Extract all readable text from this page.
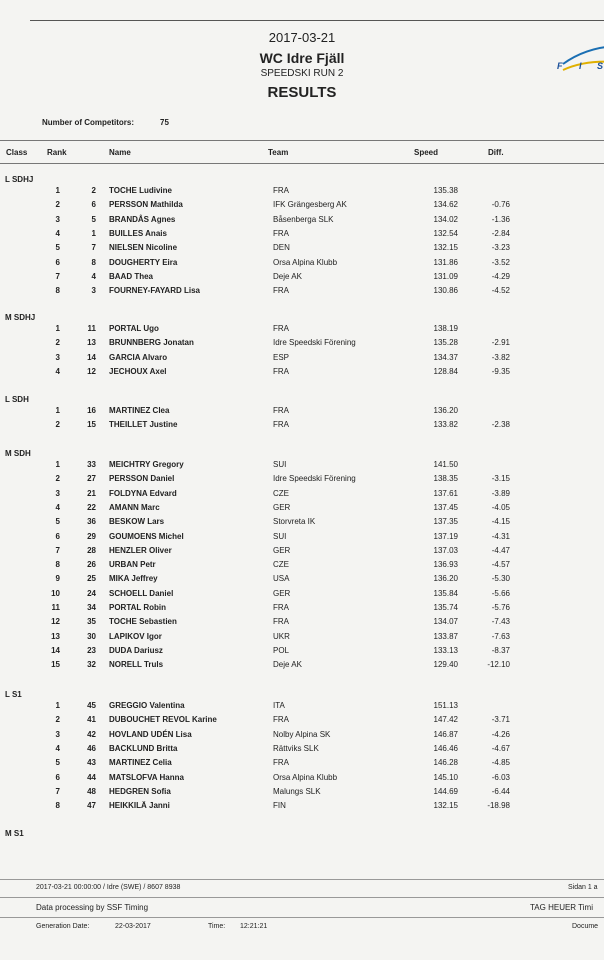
2017-03-21
WC Idre Fjäll
SPEEDSKI RUN 2
RESULTS
F I S
Number of Competitors:	75
Class Rank	Name	Team	Speed	Diff.
L SDHJ
1	2 TOCHE Ludivine	FRA	135.38
2	6 PERSSON Mathilda	IFK Grängesberg AK	134.62	-0.76
3	5 BRANDÅS Agnes	Båsenberga SLK	134.02	-1.36
4	1 BUILLES Anais	FRA	132.54	-2.84
5	7 NIELSEN Nicoline	DEN	132.15	-3.23
6	8 DOUGHERTY Eira	Orsa Alpina Klubb	131.86	-3.52
7	4 BAAD Thea	Deje AK	131.09	-4.29
8	3 FOURNEY-FAYARD Lisa	FRA	130.86	-4.52
M SDHJ
1	11 PORTAL Ugo	FRA	138.19
2	13 BRUNNBERG Jonatan	Idre Speedski Förening	135.28	-2.91
3	14 GARCIA Alvaro	ESP	134.37	-3.82
4	12 JECHOUX Axel	FRA	128.84	-9.35
L SDH
1	16 MARTINEZ Clea	FRA	136.20
2	15 THEILLET Justine	FRA	133.82	-2.38
M SDH
1	33 MEICHTRY Gregory	SUI	141.50
2	27 PERSSON Daniel	Idre Speedski Förening	138.35	-3.15
3	21 FOLDYNA Edvard	CZE	137.61	-3.89
4	22 AMANN Marc	GER	137.45	-4.05
5	36 BESKOW Lars	Storvreta IK	137.35	-4.15
6	29 GOUMOENS Michel	SUI	137.19	-4.31
7	28 HENZLER Oliver	GER	137.03	-4.47
8	26 URBAN Petr	CZE	136.93	-4.57
9	25 MIKA Jeffrey	USA	136.20	-5.30
10	24 SCHOELL Daniel	GER	135.84	-5.66
11	34 PORTAL Robin	FRA	135.74	-5.76
12	35 TOCHE Sebastien	FRA	134.07	-7.43
13	30 LAPIKOV Igor	UKR	133.87	-7.63
14	23 DUDA Dariusz	POL	133.13	-8.37
15	32 NORELL Truls	Deje AK	129.40	-12.10
L S1
1	45 GREGGIO Valentina	ITA	151.13
2	41 DUBOUCHET REVOL Karine	FRA	147.42	-3.71
3	42 HOVLAND UDÉN Lisa	Nolby Alpina SK	146.87	-4.26
4	46 BACKLUND Britta	Rättviks SLK	146.46	-4.67
5	43 MARTINEZ Celia	FRA	146.28	-4.85
6	44 MATSLOFVA Hanna	Orsa Alpina Klubb	145.10	-6.03
7	48 HEDGREN Sofia	Malungs SLK	144.69	-6.44
8	47 HEIKKILÄ Janni	FIN	132.15	-18.98
M S1
2017-03-21 00:00:00 / Idre (SWE) / 8607 8938	Sidan 1 a
Data processing by SSF Timing	TAG HEUER Timi
Generation Date:	22-03-2017	Time: 12:21:21	Docume
